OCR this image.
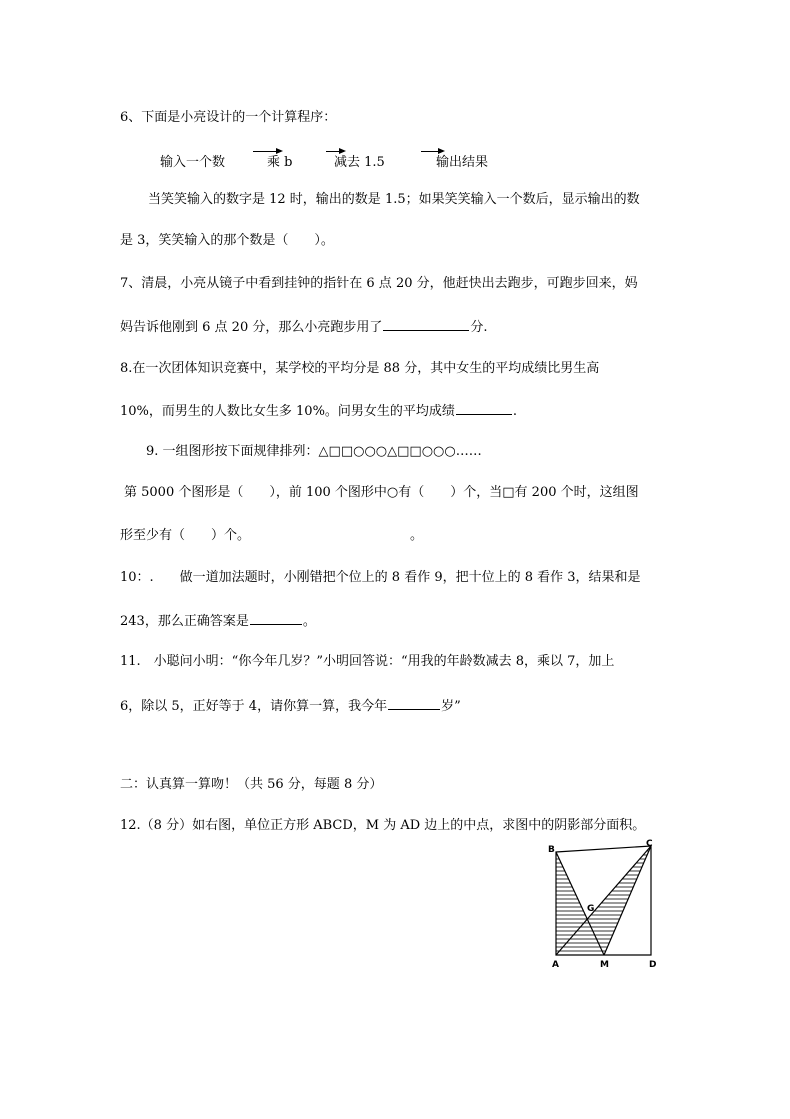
6、下面是小亮设计的一个计算程序：
输入一个数	乘 b	减去 1.5	输出结果
当笑笑输入的数字是 12 时，输出的数是 1.5；如果笑笑输入一个数后，显示输出的数
是 3，笑笑输入的那个数是（　　）。
7、清晨，小亮从镜子中看到挂钟的指针在 6 点 20 分，他赶快出去跑步，可跑步回来，妈
妈告诉他刚到 6 点 20 分，那么小亮跑步用了	分.
8.在一次团体知识竞赛中，某学校的平均分是 88 分，其中女生的平均成绩比男生高
10%，而男生的人数比女生多 10%。问男女生的平均成绩	.
9. 一组图形按下面规律排列：△□□○○○△□□○○○……
第 5000 个图形是（　　），前 100 个图形中○有（　　）个，当□有 200 个时，这组图
形至少有（　　）个。	。
10：.　　做一道加法题时，小刚错把个位上的 8 看作 9，把十位上的 8 看作 3，结果和是
243，那么正确答案是	。
11.　小聪问小明：“你今年几岁？”小明回答说：“用我的年龄数减去 8，乘以 7，加上
6，除以 5，正好等于 4，请你算一算，我今年	岁”
二：认真算一算吻！（共 56 分，每题 8 分）
12.（8 分）如右图，单位正方形 ABCD，M 为 AD 边上的中点，求图中的阴影部分面积。
B
C
G
A	M	D
